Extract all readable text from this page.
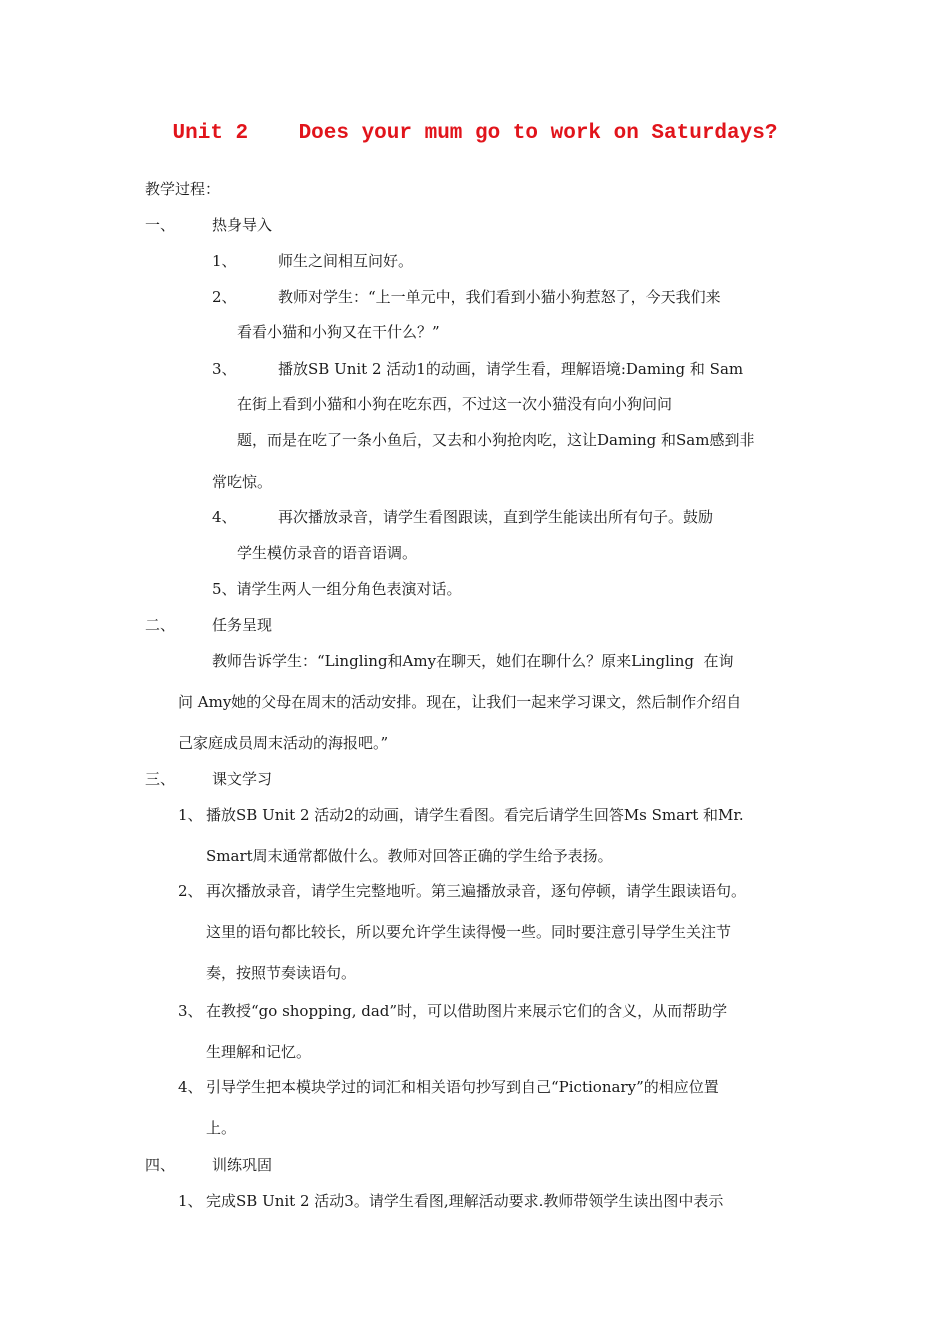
Unit 2    Does your mum go to work on Saturdays?
教学过程：
一、 热身导入
1、	师生之间相互问好。
2、	教师对学生：“上一单元中，我们看到小猫小狗惹怒了，今天我们来
看看小猫和小狗又在干什么？”
3、	播放SB Unit 2 活动1的动画，请学生看，理解语境:Daming 和 Sam
在街上看到小猫和小狗在吃东西，不过这一次小猫没有向小狗问问
题，而是在吃了一条小鱼后，又去和小狗抢肉吃，这让Daming 和Sam感到非
常吃惊。
4、	再次播放录音，请学生看图跟读，直到学生能读出所有句子。鼓励
学生模仿录音的语音语调。
5、请学生两人一组分角色表演对话。
二、 任务呈现
教师告诉学生：“Lingling和Amy在聊天，她们在聊什么？原来Lingling  在询
问 Amy她的父母在周末的活动安排。现在，让我们一起来学习课文，然后制作介绍自
己家庭成员周末活动的海报吧。”
三、 课文学习
1、 播放SB Unit 2 活动2的动画，请学生看图。看完后请学生回答Ms Smart 和Mr.
Smart周末通常都做什么。教师对回答正确的学生给予表扬。
2、 再次播放录音，请学生完整地听。第三遍播放录音，逐句停顿，请学生跟读语句。
这里的语句都比较长，所以要允许学生读得慢一些。同时要注意引导学生关注节
奏，按照节奏读语句。
3、 在教授“go shopping, dad”时，可以借助图片来展示它们的含义，从而帮助学
生理解和记忆。
4、 引导学生把本模块学过的词汇和相关语句抄写到自己“Pictionary”的相应位置
上。
四、 训练巩固
1、 完成SB Unit 2 活动3。请学生看图,理解活动要求.教师带领学生读出图中表示
